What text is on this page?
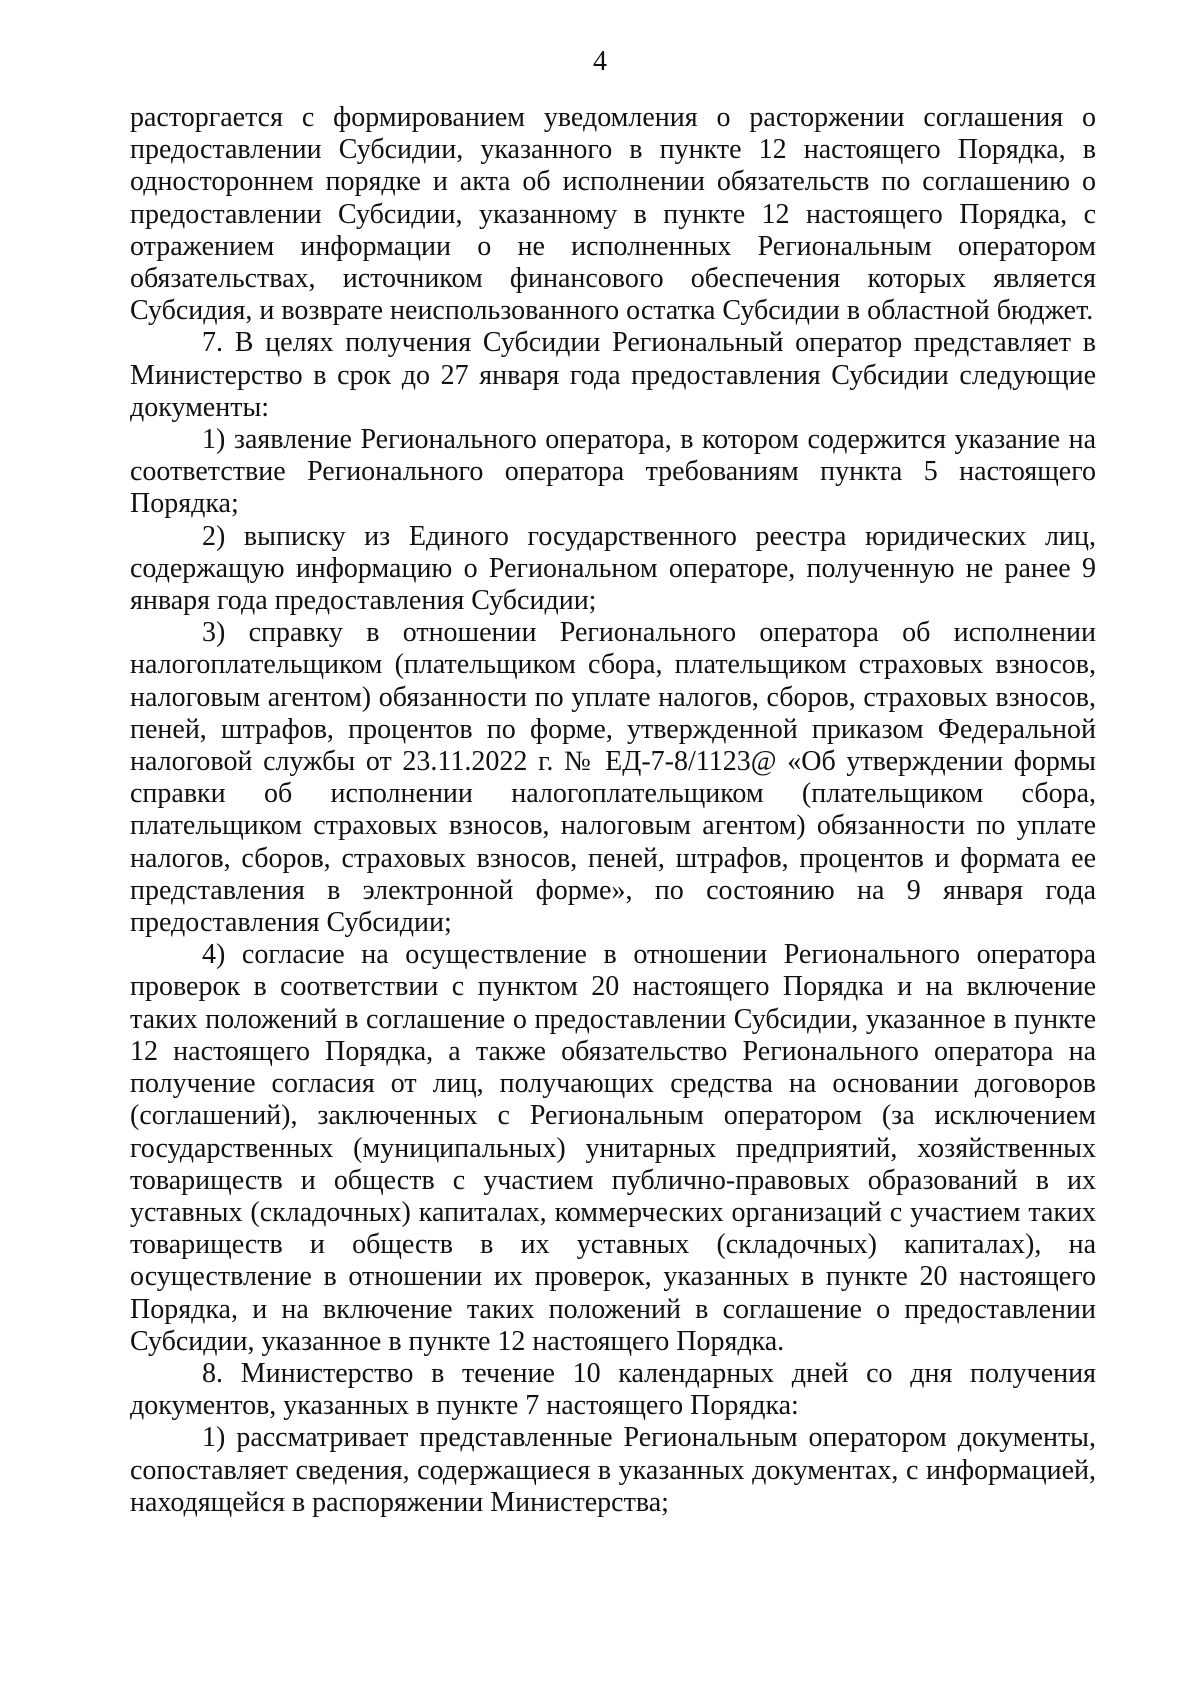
4

расторгается с формированием уведомления о расторжении соглашения о предоставлении Субсидии, указанного в пункте 12 настоящего Порядка, в одностороннем порядке и акта об исполнении обязательств по соглашению о предоставлении Субсидии, указанному в пункте 12 настоящего Порядка, с отражением информации о не исполненных Региональным оператором обязательствах, источником финансового обеспечения которых является Субсидия, и возврате неиспользованного остатка Субсидии в областной бюджет.

7. В целях получения Субсидии Региональный оператор представляет в Министерство в срок до 27 января года предоставления Субсидии следующие документы:

1) заявление Регионального оператора, в котором содержится указание на соответствие Регионального оператора требованиям пункта 5 настоящего Порядка;

2) выписку из Единого государственного реестра юридических лиц, содержащую информацию о Региональном операторе, полученную не ранее 9 января года предоставления Субсидии;

3) справку в отношении Регионального оператора об исполнении налогоплательщиком (плательщиком сбора, плательщиком страховых взносов, налоговым агентом) обязанности по уплате налогов, сборов, страховых взносов, пеней, штрафов, процентов по форме, утвержденной приказом Федеральной налоговой службы от 23.11.2022 г. № ЕД-7-8/1123@ «Об утверждении формы справки об исполнении налогоплательщиком (плательщиком сбора, плательщиком страховых взносов, налоговым агентом) обязанности по уплате налогов, сборов, страховых взносов, пеней, штрафов, процентов и формата ее представления в электронной форме», по состоянию на 9 января года предоставления Субсидии;

4) согласие на осуществление в отношении Регионального оператора проверок в соответствии с пунктом 20 настоящего Порядка и на включение таких положений в соглашение о предоставлении Субсидии, указанное в пункте 12 настоящего Порядка, а также обязательство Регионального оператора на получение согласия от лиц, получающих средства на основании договоров (соглашений), заключенных с Региональным оператором (за исключением государственных (муниципальных) унитарных предприятий, хозяйственных товариществ и обществ с участием публично-правовых образований в их уставных (складочных) капиталах, коммерческих организаций с участием таких товариществ и обществ в их уставных (складочных) капиталах), на осуществление в отношении их проверок, указанных в пункте 20 настоящего Порядка, и на включение таких положений в соглашение о предоставлении Субсидии, указанное в пункте 12 настоящего Порядка.

8. Министерство в течение 10 календарных дней со дня получения документов, указанных в пункте 7 настоящего Порядка:

1) рассматривает представленные Региональным оператором документы, сопоставляет сведения, содержащиеся в указанных документах, с информацией, находящейся в распоряжении Министерства;
